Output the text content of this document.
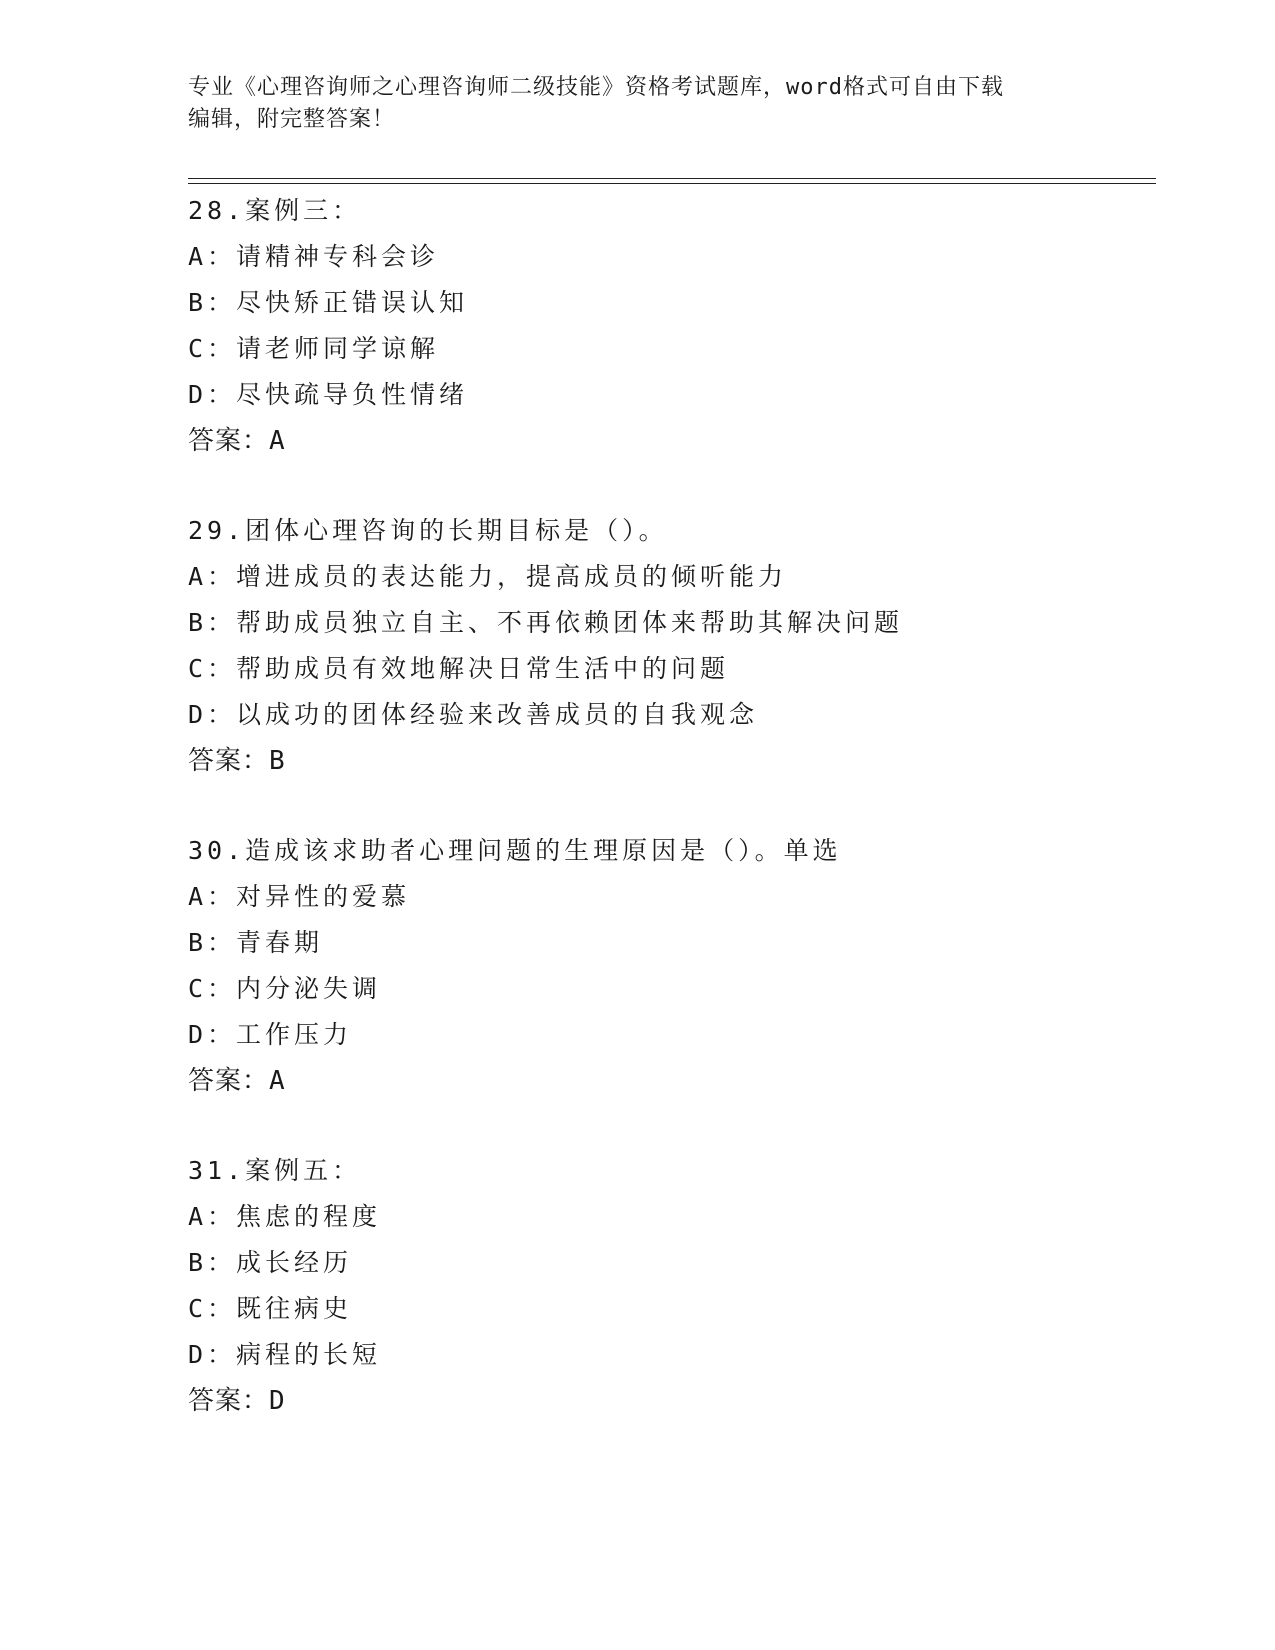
专业《心理咨询师之心理咨询师二级技能》资格考试题库，word格式可自由下载
编辑，附完整答案！
28.案例三：
A：请精神专科会诊
B：尽快矫正错误认知
C：请老师同学谅解
D：尽快疏导负性情绪
答案：A
29.团体心理咨询的长期目标是（）。
A：增进成员的表达能力，提高成员的倾听能力
B：帮助成员独立自主、不再依赖团体来帮助其解决问题
C：帮助成员有效地解决日常生活中的问题
D：以成功的团体经验来改善成员的自我观念
答案：B
30.造成该求助者心理问题的生理原因是（）。单选
A：对异性的爱慕
B：青春期
C：内分泌失调
D：工作压力
答案：A
31.案例五：
A：焦虑的程度
B：成长经历
C：既往病史
D：病程的长短
答案：D
